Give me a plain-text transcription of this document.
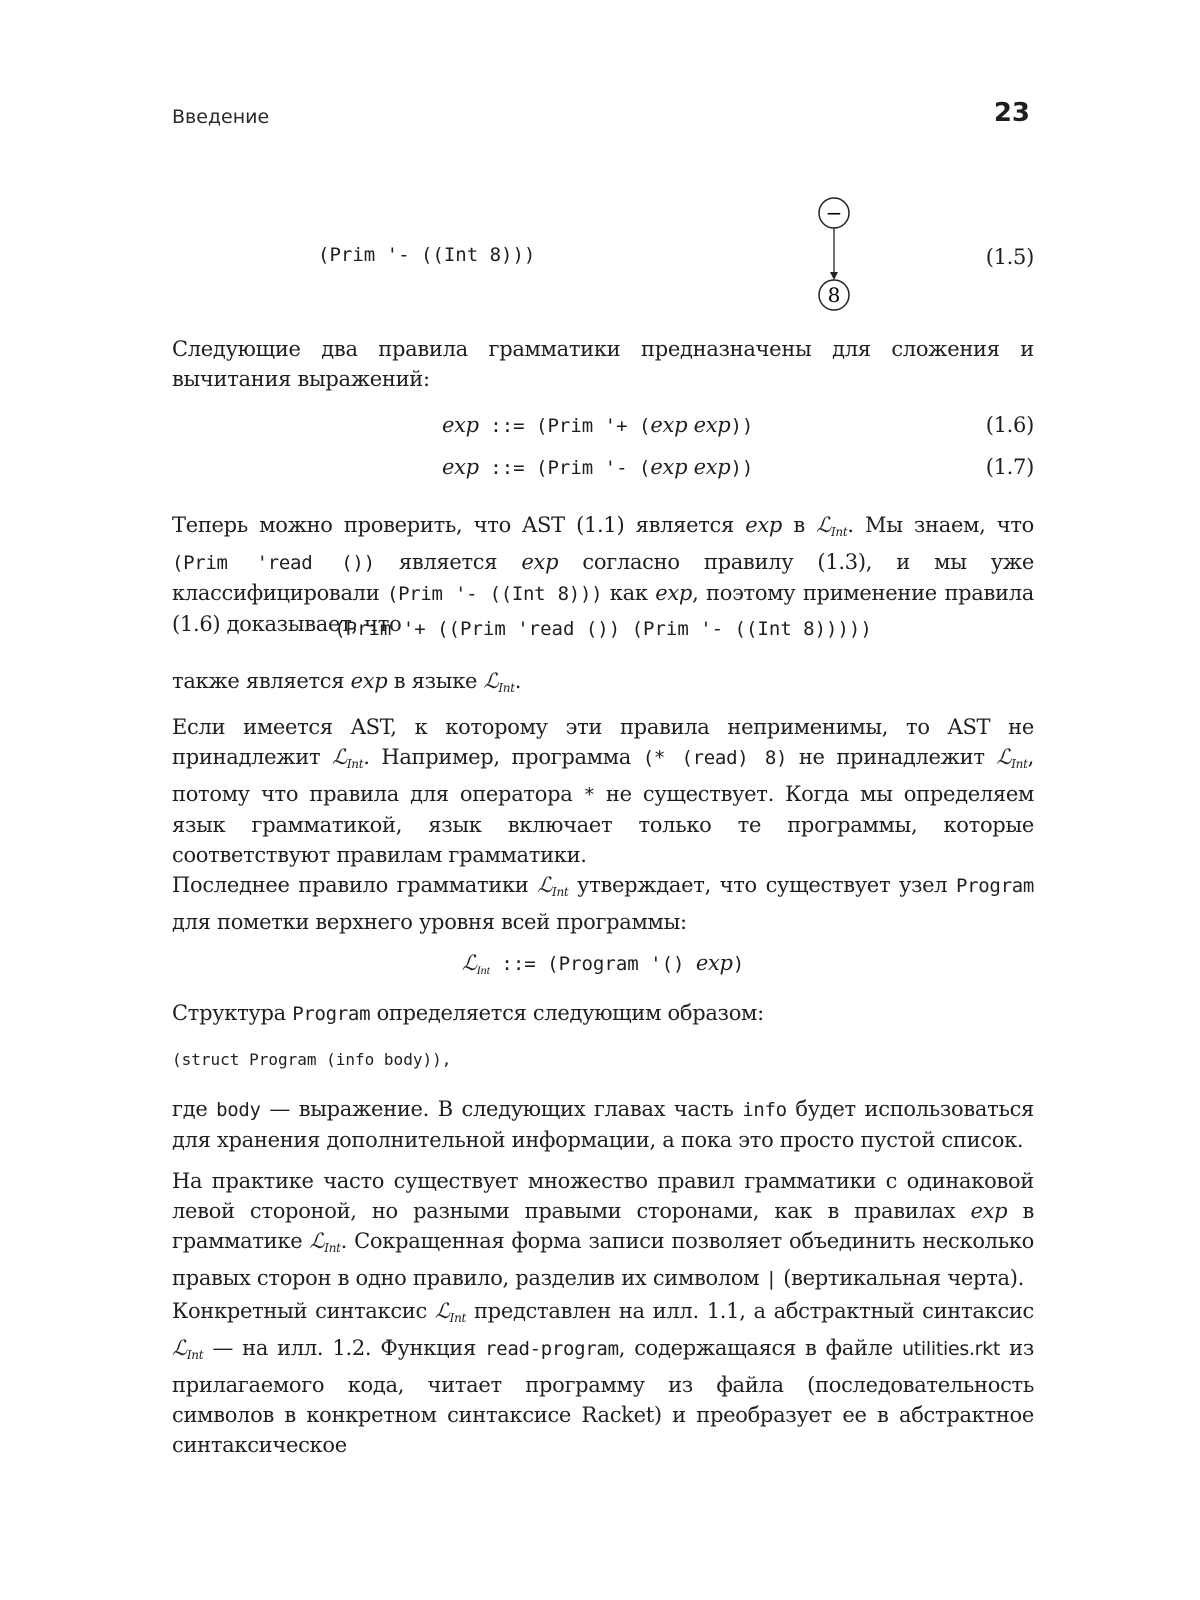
Введение	23
(Prim '- ((Int 8)))	(1.5)
−
8
Следующие два правила грамматики предназначены для сложения и вычитания выражений:
exp ::= (Prim '+ (exp exp))	(1.6)
exp ::= (Prim '- (exp exp))	(1.7)
Теперь можно проверить, что AST (1.1) является exp в ℒ$_{Int}$. Мы знаем, что (Prim 'read ()) является exp согласно правилу (1.3), и мы уже классифицировали (Prim '- ((Int 8))) как exp, поэтому применение правила (1.6) доказывает, что
(Prim '+ ((Prim 'read ()) (Prim '- ((Int 8)))))
также является exp в языке ℒ$_{Int}$.
Если имеется AST, к которому эти правила неприменимы, то AST не принадлежит ℒ$_{Int}$. Например, программа (* (read) 8) не принадлежит ℒ$_{Int}$, потому что правила для оператора * не существует. Когда мы определяем язык грамматикой, язык включает только те программы, которые соответствуют правилам грамматики.
Последнее правило грамматики ℒ$_{Int}$ утверждает, что существует узел Program для пометки верхнего уровня всей программы:
ℒ$_{Int}$ ::= (Program '() exp)
Структура Program определяется следующим образом:
(struct Program (info body)),
где body — выражение. В следующих главах часть info будет использоваться для хранения дополнительной информации, а пока это просто пустой список.
На практике часто существует множество правил грамматики с одинаковой левой стороной, но разными правыми сторонами, как в правилах exp в грамматике ℒ$_{Int}$. Сокращенная форма записи позволяет объединить несколько правых сторон в одно правило, разделив их символом | (вертикальная черта).
Конкретный синтаксис ℒ$_{Int}$ представлен на илл. 1.1, а абстрактный синтаксис ℒ$_{Int}$ — на илл. 1.2. Функция read-program, содержащаяся в файле utilities.rkt из прилагаемого кода, читает программу из файла (последовательность символов в конкретном синтаксисе Racket) и преобразует ее в абстрактное синтаксическое
